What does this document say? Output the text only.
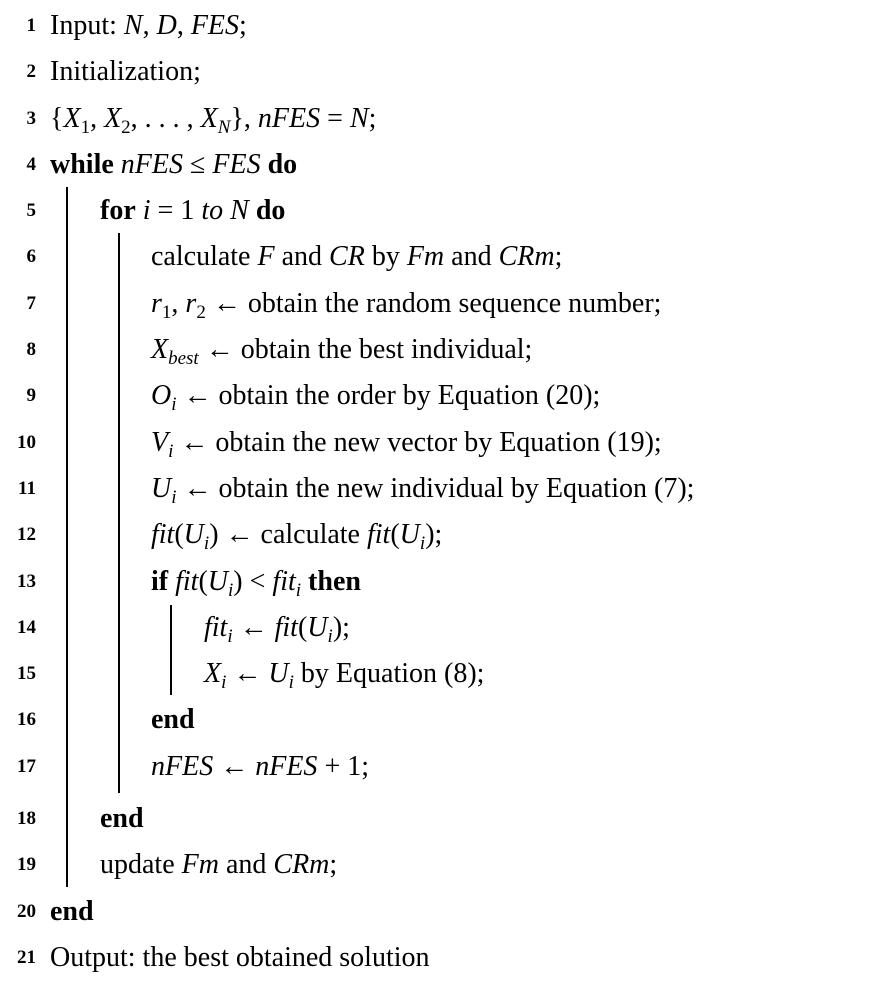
1 Input: N, D, FES;
2 Initialization;
3 {$X_1$, $X_2$, . . . , $X_N$}, nFES = N;
4 while nFES ≤ FES do
5 for i = 1 to N do
6	calculate F and CR by Fm and CRm;
7	$r_1$, $r_2$ ← obtain the random sequence number;
8	$X_{best}$ ← obtain the best individual;
9	$O_i$ ← obtain the order by Equation (20);
10	$V_i$ ← obtain the new vector by Equation (19);
11	$U_i$ ← obtain the new individual by Equation (7);
12	$fit(U_i)$ ← calculate $fit(U_i)$;
13	if $fit(U_i) < fit_i$ then
14	fit$_i$ ← $fit(U_i)$;
15	$X_i$ ← $U_i$ by Equation (8);
16	end
17	nFES ← nFES + 1;
18 end
19 update Fm and CRm;
20 end
21 Output: the best obtained solution
